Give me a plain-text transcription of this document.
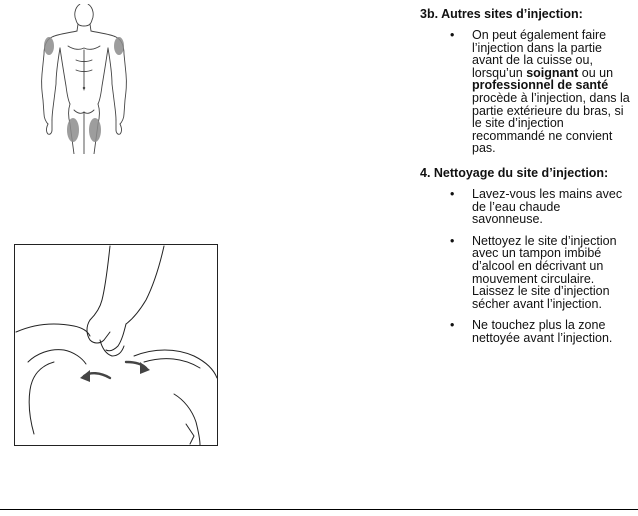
3b. Autres sites d’injection:
• On peut également faire l’injection dans la partie avant de la cuisse ou, lorsqu’un soignant ou un professionnel de santé procède à l’injection, dans la partie extérieure du bras, si le site d’injection recommandé ne convient pas.
4. Nettoyage du site d’injection:
• Lavez-vous les mains avec de l’eau chaude savonneuse.
• Nettoyez le site d’injection avec un tampon imbibé d’alcool en décrivant un mouvement circulaire. Laissez le site d’injection sécher avant l’injection.
• Ne touchez plus la zone nettoyée avant l’injection.
